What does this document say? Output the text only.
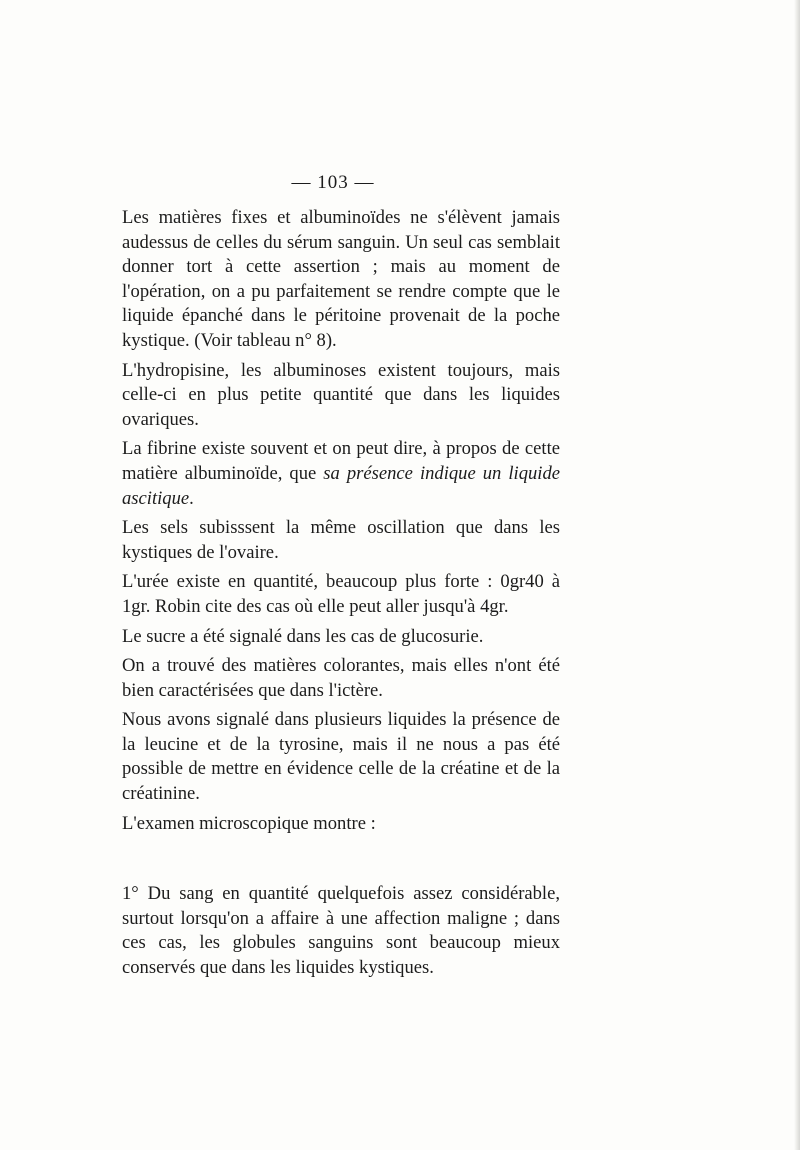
— 103 —

Les matières fixes et albuminoïdes ne s'élèvent jamais audessus de celles du sérum sanguin. Un seul cas semblait donner tort à cette assertion ; mais au moment de l'opération, on a pu parfaitement se rendre compte que le liquide épanché dans le péritoine provenait de la poche kystique. (Voir tableau n° 8).

L'hydropisine, les albuminoses existent toujours, mais celle-ci en plus petite quantité que dans les liquides ovariques.

La fibrine existe souvent et on peut dire, à propos de cette matière albuminoïde, que sa présence indique un liquide ascitique.

Les sels subisssent la même oscillation que dans les kystiques de l'ovaire.

L'urée existe en quantité, beaucoup plus forte : 0gr40 à 1gr. Robin cite des cas où elle peut aller jusqu'à 4gr.

Le sucre a été signalé dans les cas de glucosurie.

On a trouvé des matières colorantes, mais elles n'ont été bien caractérisées que dans l'ictère.

Nous avons signalé dans plusieurs liquides la présence de la leucine et de la tyrosine, mais il ne nous a pas été possible de mettre en évidence celle de la créatine et de la créatinine.

L'examen microscopique montre :

1° Du sang en quantité quelquefois assez considérable, surtout lorsqu'on a affaire à une affection maligne ; dans ces cas, les globules sanguins sont beaucoup mieux conservés que dans les liquides kystiques.
